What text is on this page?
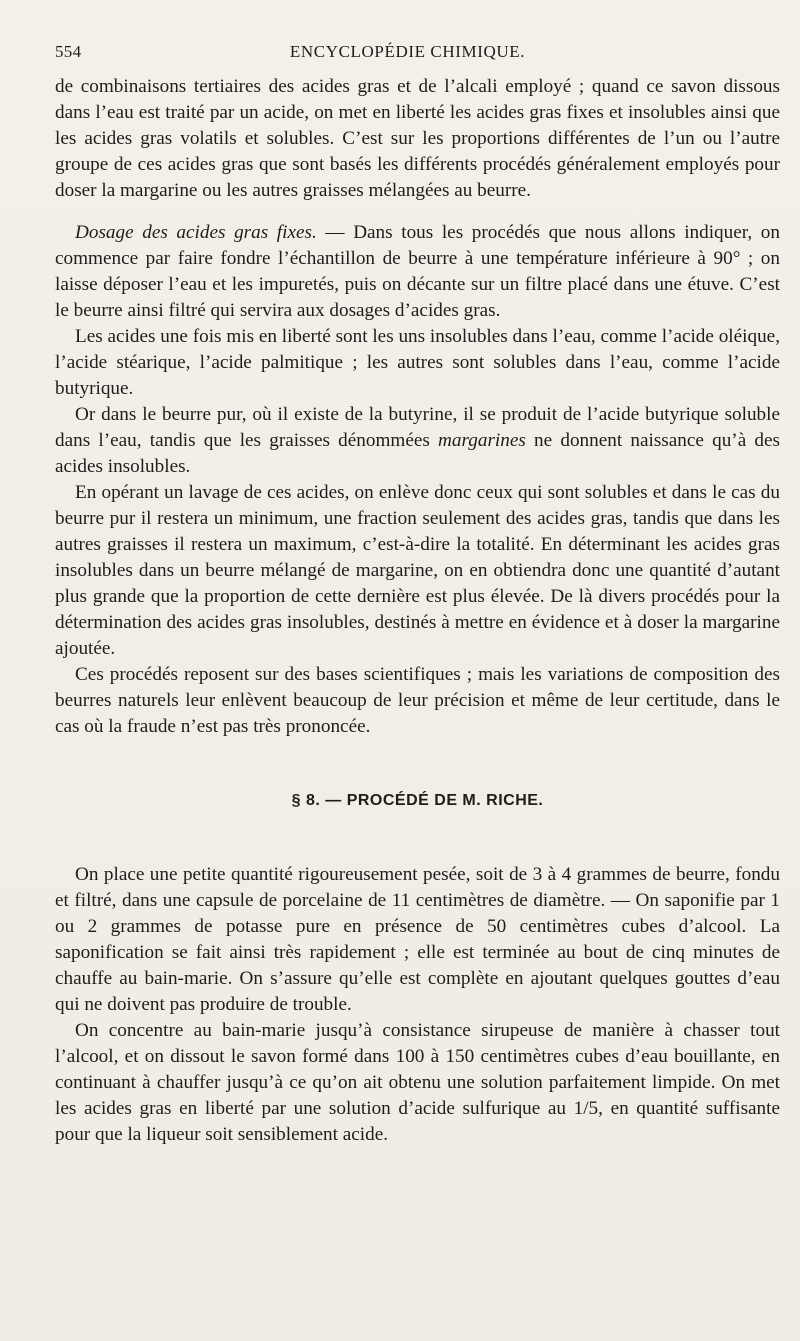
554	ENCYCLOPÉDIE CHIMIQUE.

de combinaisons tertiaires des acides gras et de l’alcali employé ; quand ce savon dissous dans l’eau est traité par un acide, on met en liberté les acides gras fixes et insolubles ainsi que les acides gras volatils et solubles. C’est sur les proportions différentes de l’un ou l’autre groupe de ces acides gras que sont basés les différents procédés généralement employés pour doser la margarine ou les autres graisses mélangées au beurre.

Dosage des acides gras fixes. — Dans tous les procédés que nous allons indiquer, on commence par faire fondre l’échantillon de beurre à une température inférieure à 90° ; on laisse déposer l’eau et les impuretés, puis on décante sur un filtre placé dans une étuve. C’est le beurre ainsi filtré qui servira aux dosages d’acides gras.

Les acides une fois mis en liberté sont les uns insolubles dans l’eau, comme l’acide oléique, l’acide stéarique, l’acide palmitique ; les autres sont solubles dans l’eau, comme l’acide butyrique.

Or dans le beurre pur, où il existe de la butyrine, il se produit de l’acide butyrique soluble dans l’eau, tandis que les graisses dénommées margarines ne donnent naissance qu’à des acides insolubles.

En opérant un lavage de ces acides, on enlève donc ceux qui sont solubles et dans le cas du beurre pur il restera un minimum, une fraction seulement des acides gras, tandis que dans les autres graisses il restera un maximum, c’est-à-dire la totalité. En déterminant les acides gras insolubles dans un beurre mélangé de margarine, on en obtiendra donc une quantité d’autant plus grande que la proportion de cette dernière est plus élevée. De là divers procédés pour la détermination des acides gras insolubles, destinés à mettre en évidence et à doser la margarine ajoutée.

Ces procédés reposent sur des bases scientifiques ; mais les variations de composition des beurres naturels leur enlèvent beaucoup de leur précision et même de leur certitude, dans le cas où la fraude n’est pas très prononcée.

§ 8. — PROCÉDÉ DE M. RICHE.

On place une petite quantité rigoureusement pesée, soit de 3 à 4 grammes de beurre, fondu et filtré, dans une capsule de porcelaine de 11 centimètres de diamètre. — On saponifie par 1 ou 2 grammes de potasse pure en présence de 50 centimètres cubes d’alcool. La saponification se fait ainsi très rapidement ; elle est terminée au bout de cinq minutes de chauffe au bain-marie. On s’assure qu’elle est complète en ajoutant quelques gouttes d’eau qui ne doivent pas produire de trouble.

On concentre au bain-marie jusqu’à consistance sirupeuse de manière à chasser tout l’alcool, et on dissout le savon formé dans 100 à 150 centimètres cubes d’eau bouillante, en continuant à chauffer jusqu’à ce qu’on ait obtenu une solution parfaitement limpide. On met les acides gras en liberté par une solution d’acide sulfurique au 1/5, en quantité suffisante pour que la liqueur soit sensiblement acide.
